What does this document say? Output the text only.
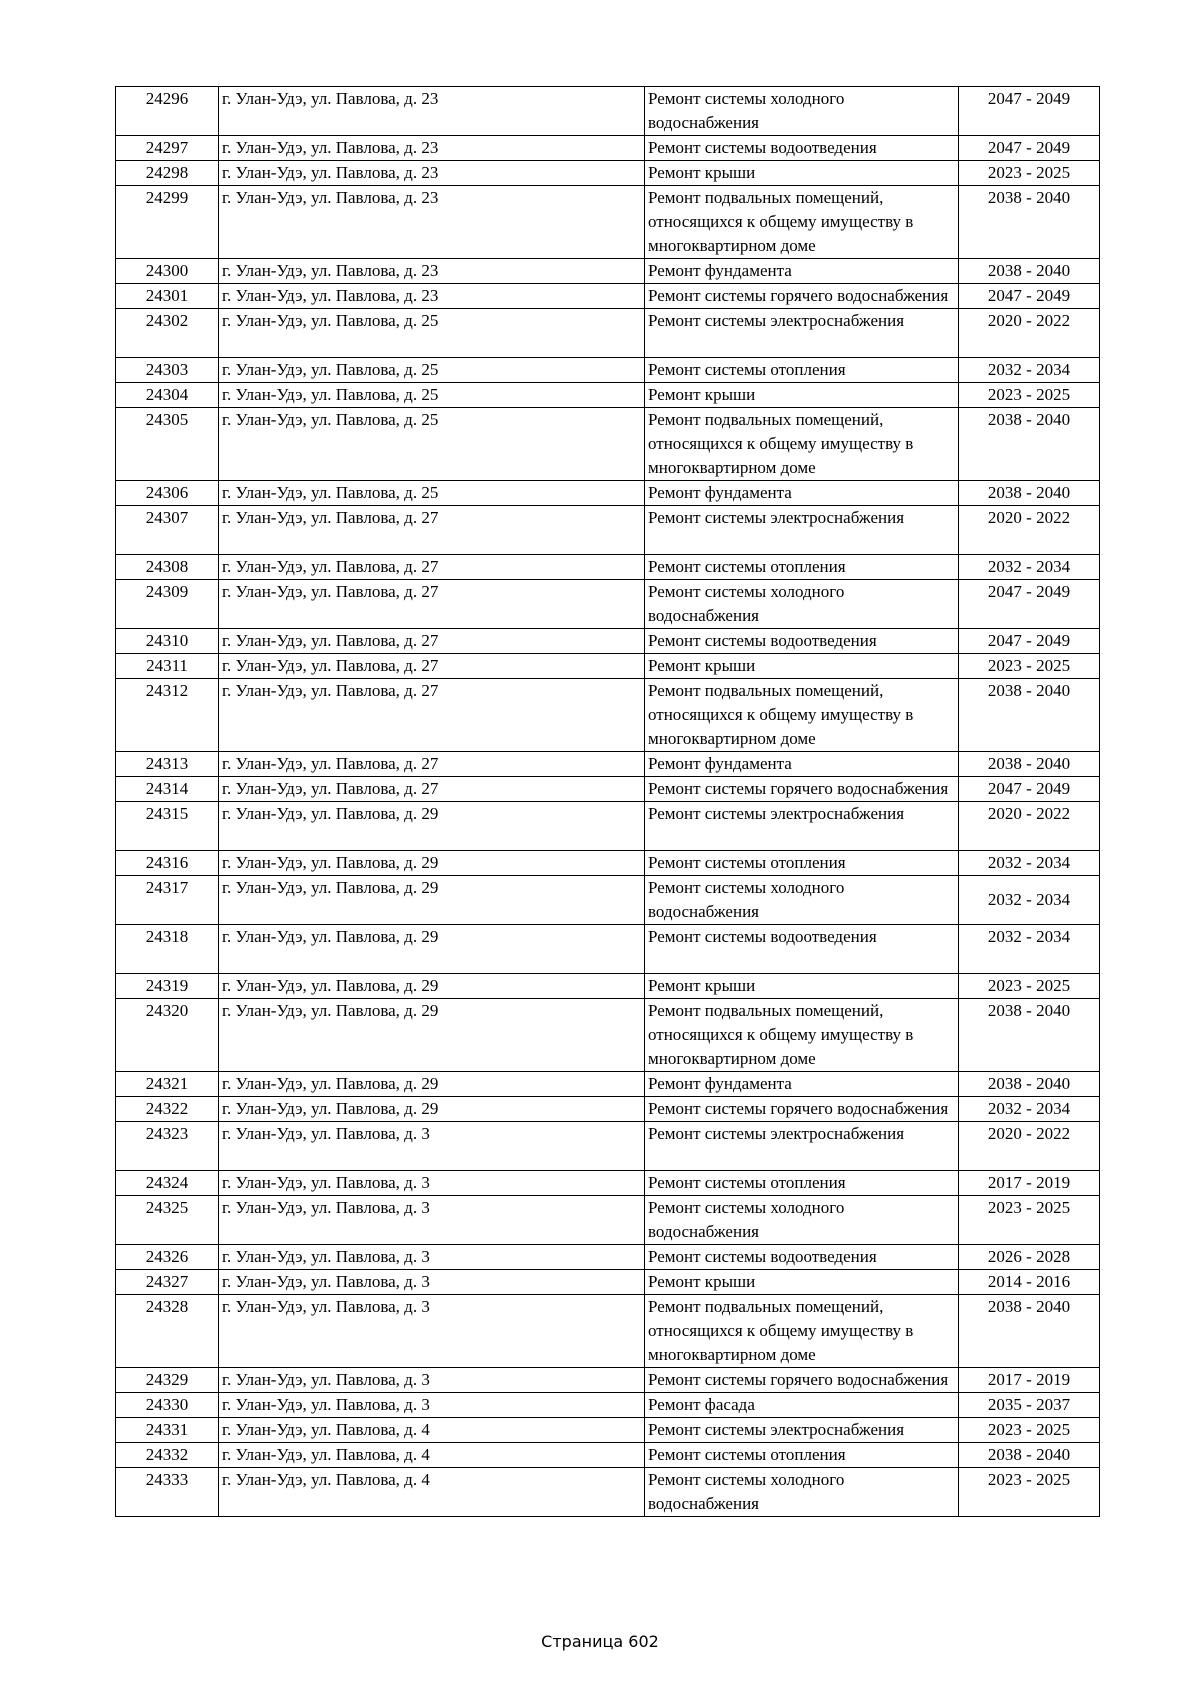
24296	г. Улан-Удэ, ул. Павлова, д. 23	Ремонт системы холодного водоснабжения	2047 - 2049
24297	г. Улан-Удэ, ул. Павлова, д. 23	Ремонт системы водоотведения	2047 - 2049
24298	г. Улан-Удэ, ул. Павлова, д. 23	Ремонт крыши	2023 - 2025
24299	г. Улан-Удэ, ул. Павлова, д. 23	Ремонт подвальных помещений, относящихся к общему имуществу в многоквартирном доме	2038 - 2040
24300	г. Улан-Удэ, ул. Павлова, д. 23	Ремонт фундамента	2038 - 2040
24301	г. Улан-Удэ, ул. Павлова, д. 23	Ремонт системы горячего водоснабжения	2047 - 2049
24302	г. Улан-Удэ, ул. Павлова, д. 25	Ремонт системы электроснабжения	2020 - 2022
24303	г. Улан-Удэ, ул. Павлова, д. 25	Ремонт системы отопления	2032 - 2034
24304	г. Улан-Удэ, ул. Павлова, д. 25	Ремонт крыши	2023 - 2025
24305	г. Улан-Удэ, ул. Павлова, д. 25	Ремонт подвальных помещений, относящихся к общему имуществу в многоквартирном доме	2038 - 2040
24306	г. Улан-Удэ, ул. Павлова, д. 25	Ремонт фундамента	2038 - 2040
24307	г. Улан-Удэ, ул. Павлова, д. 27	Ремонт системы электроснабжения	2020 - 2022
24308	г. Улан-Удэ, ул. Павлова, д. 27	Ремонт системы отопления	2032 - 2034
24309	г. Улан-Удэ, ул. Павлова, д. 27	Ремонт системы холодного водоснабжения	2047 - 2049
24310	г. Улан-Удэ, ул. Павлова, д. 27	Ремонт системы водоотведения	2047 - 2049
24311	г. Улан-Удэ, ул. Павлова, д. 27	Ремонт крыши	2023 - 2025
24312	г. Улан-Удэ, ул. Павлова, д. 27	Ремонт подвальных помещений, относящихся к общему имуществу в многоквартирном доме	2038 - 2040
24313	г. Улан-Удэ, ул. Павлова, д. 27	Ремонт фундамента	2038 - 2040
24314	г. Улан-Удэ, ул. Павлова, д. 27	Ремонт системы горячего водоснабжения	2047 - 2049
24315	г. Улан-Удэ, ул. Павлова, д. 29	Ремонт системы электроснабжения	2020 - 2022
24316	г. Улан-Удэ, ул. Павлова, д. 29	Ремонт системы отопления	2032 - 2034
24317	г. Улан-Удэ, ул. Павлова, д. 29	Ремонт системы холодного водоснабжения	2032 - 2034
24318	г. Улан-Удэ, ул. Павлова, д. 29	Ремонт системы водоотведения	2032 - 2034
24319	г. Улан-Удэ, ул. Павлова, д. 29	Ремонт крыши	2023 - 2025
24320	г. Улан-Удэ, ул. Павлова, д. 29	Ремонт подвальных помещений, относящихся к общему имуществу в многоквартирном доме	2038 - 2040
24321	г. Улан-Удэ, ул. Павлова, д. 29	Ремонт фундамента	2038 - 2040
24322	г. Улан-Удэ, ул. Павлова, д. 29	Ремонт системы горячего водоснабжения	2032 - 2034
24323	г. Улан-Удэ, ул. Павлова, д. 3	Ремонт системы электроснабжения	2020 - 2022
24324	г. Улан-Удэ, ул. Павлова, д. 3	Ремонт системы отопления	2017 - 2019
24325	г. Улан-Удэ, ул. Павлова, д. 3	Ремонт системы холодного водоснабжения	2023 - 2025
24326	г. Улан-Удэ, ул. Павлова, д. 3	Ремонт системы водоотведения	2026 - 2028
24327	г. Улан-Удэ, ул. Павлова, д. 3	Ремонт крыши	2014 - 2016
24328	г. Улан-Удэ, ул. Павлова, д. 3	Ремонт подвальных помещений, относящихся к общему имуществу в многоквартирном доме	2038 - 2040
24329	г. Улан-Удэ, ул. Павлова, д. 3	Ремонт системы горячего водоснабжения	2017 - 2019
24330	г. Улан-Удэ, ул. Павлова, д. 3	Ремонт фасада	2035 - 2037
24331	г. Улан-Удэ, ул. Павлова, д. 4	Ремонт системы электроснабжения	2023 - 2025
24332	г. Улан-Удэ, ул. Павлова, д. 4	Ремонт системы отопления	2038 - 2040
24333	г. Улан-Удэ, ул. Павлова, д. 4	Ремонт системы холодного водоснабжения	2023 - 2025
Страница 602
